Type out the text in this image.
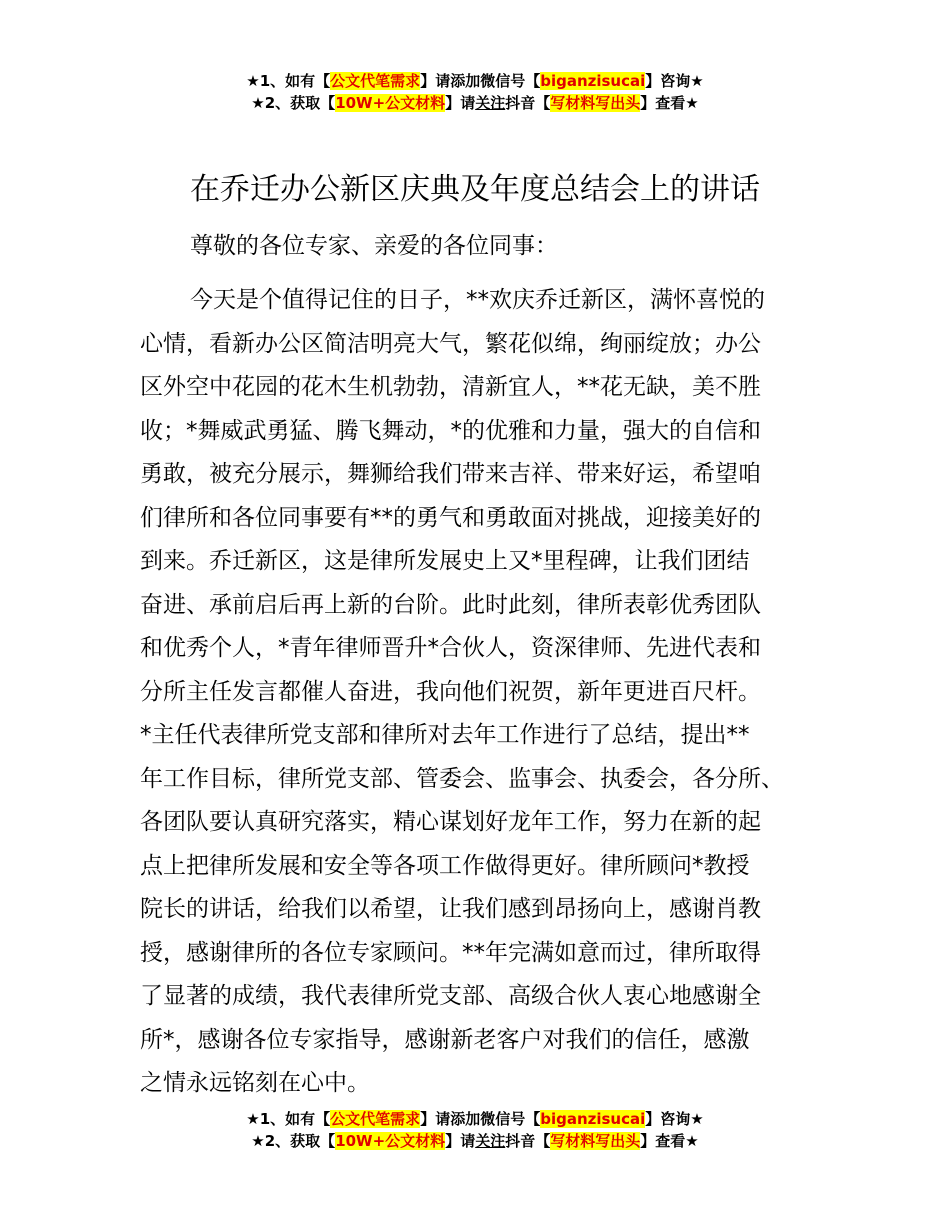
★1、如有【公文代笔需求】请添加微信号【biganzisucai】咨询★
★2、获取【10W+公文材料】请关注抖音【写材料写出头】查看★
在乔迁办公新区庆典及年度总结会上的讲话

尊敬的各位专家、亲爱的各位同事：

今天是个值得记住的日子，**欢庆乔迁新区，满怀喜悦的
心情，看新办公区简洁明亮大气，繁花似绵，绚丽绽放；办公
区外空中花园的花木生机勃勃，清新宜人，**花无缺，美不胜
收；*舞威武勇猛、腾飞舞动，*的优雅和力量，强大的自信和
勇敢，被充分展示，舞狮给我们带来吉祥、带来好运，希望咱
们律所和各位同事要有**的勇气和勇敢面对挑战，迎接美好的
到来。乔迁新区，这是律所发展史上又*里程碑，让我们团结
奋进、承前启后再上新的台阶。此时此刻，律所表彰优秀团队
和优秀个人，*青年律师晋升*合伙人，资深律师、先进代表和
分所主任发言都催人奋进，我向他们祝贺，新年更进百尺杆。
*主任代表律所党支部和律所对去年工作进行了总结，提出**
年工作目标，律所党支部、管委会、监事会、执委会，各分所、
各团队要认真研究落实，精心谋划好龙年工作，努力在新的起
点上把律所发展和安全等各项工作做得更好。律所顾问*教授
院长的讲话，给我们以希望，让我们感到昂扬向上，感谢肖教
授，感谢律所的各位专家顾问。**年完满如意而过，律所取得
了显著的成绩，我代表律所党支部、高级合伙人衷心地感谢全
所*，感谢各位专家指导，感谢新老客户对我们的信任，感激
之情永远铭刻在心中。
★1、如有【公文代笔需求】请添加微信号【biganzisucai】咨询★
★2、获取【10W+公文材料】请关注抖音【写材料写出头】查看★
